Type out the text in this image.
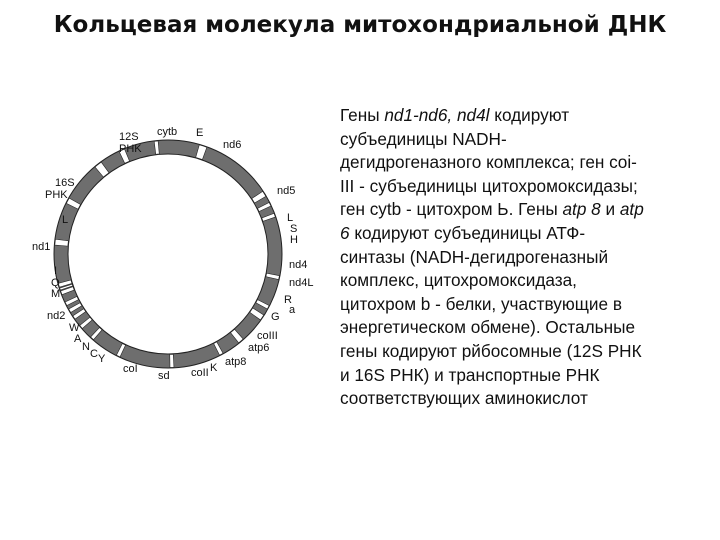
Кольцевая молекула митохондриальной ДНК
12S
PHK
cytb E
nd6
16S
PHK	nd5
L	L
S
H
nd1
I	nd4
Q
M
nd4L
R
nd2	a
G
W
A
N
C Y
coIII
atp6
coI
sd coII K atp8
Гены nd1-nd6, nd4l кодируют
субъединицы NADH-
дегидрогеназного комплекса; ген coi-
III - субъединицы цитохромоксидазы;
ген cytb - цитохром Ь. Гены atp 8 и atp
6 кодируют субъединицы АТФ-
синтазы (NADH-дегидрогеназный
комплекс, цитохромоксидаза,
цитохром b - белки, участвующие в
энергетическом обмене). Остальные
гены кодируют рйбосомные (12S РНК
и 16S РНК) и транспортные РНК
соответствующих аминокислот
